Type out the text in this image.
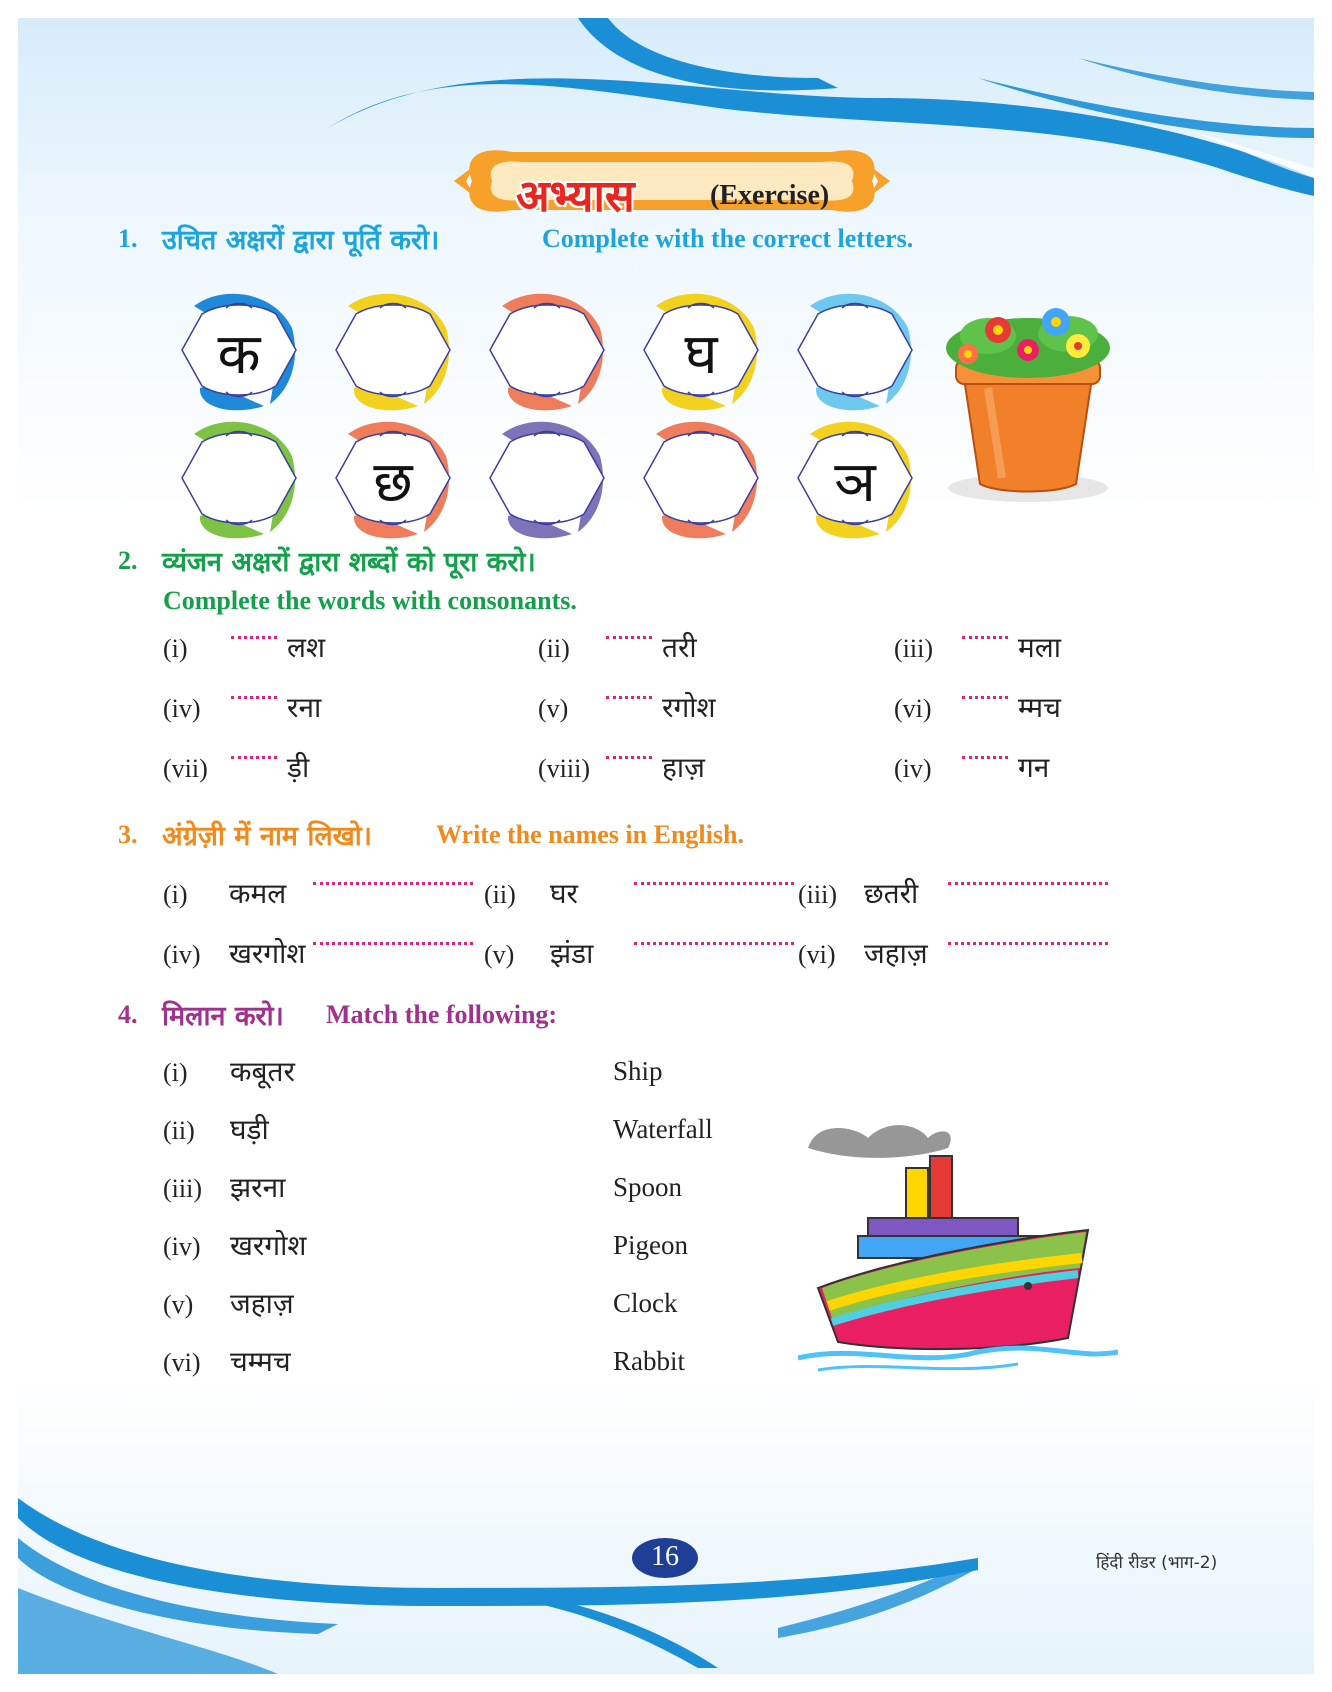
अभ्यास	(Exercise)
1. उचित अक्षरों द्वारा पूर्ति करो।	Complete with the correct letters.
क	घ
छ	ञ
2. व्यंजन अक्षरों द्वारा शब्दों को पूरा करो।
Complete the words with consonants.
(i)	लश	(ii)	तरी	(iii)	मला
(iv)	रना	(v)	रगोश	(vi)	म्मच
(vii)	ड़ी	(viii)	हाज़	(iv)	गन
3. अंग्रेज़ी में नाम लिखो। Write the names in English.
(i) कमल	(ii) घर	(iii) छतरी
(iv) खरगोश	(v) झंडा	(vi) जहाज़
4. मिलान करो। Match the following:
(i) कबूतर	Ship
(ii) घड़ी	Waterfall
(iii) झरना	Spoon
(iv) खरगोश	Pigeon
(v) जहाज़	Clock
(vi) चम्मच	Rabbit
16	हिंदी रीडर (भाग-2)
